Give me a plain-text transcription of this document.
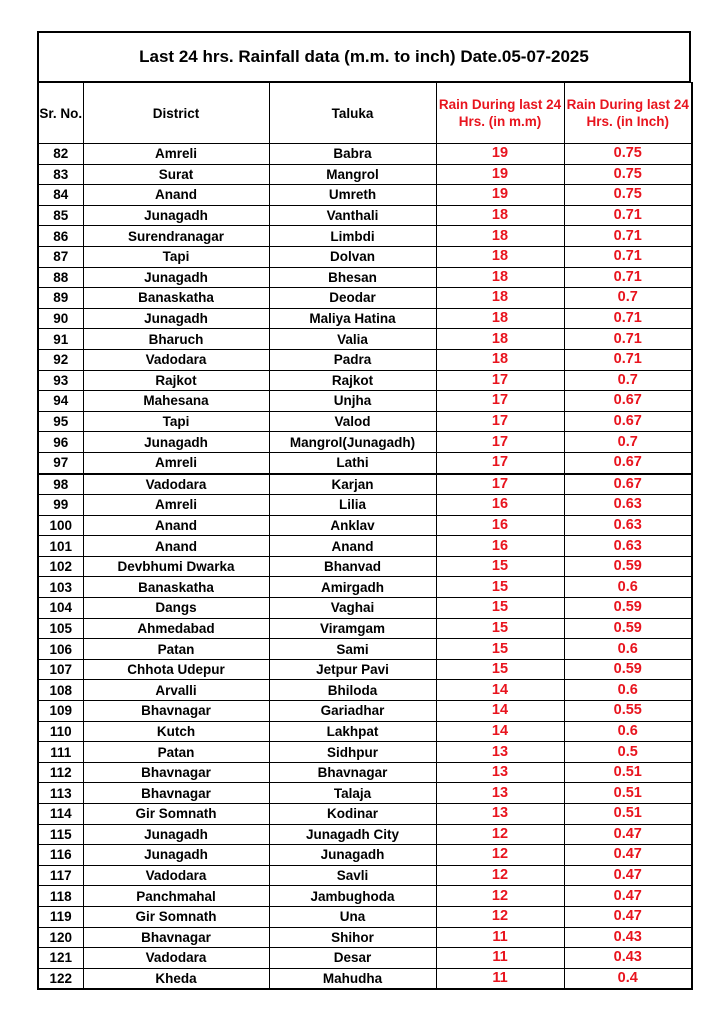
Last 24 hrs. Rainfall data (m.m. to inch) Date.05-07-2025
Sr. No.	District	Taluka	Rain During last 24 Hrs. (in m.m)	Rain During last 24 Hrs. (in Inch)
82	Amreli	Babra	19	0.75
83	Surat	Mangrol	19	0.75
84	Anand	Umreth	19	0.75
85	Junagadh	Vanthali	18	0.71
86	Surendranagar	Limbdi	18	0.71
87	Tapi	Dolvan	18	0.71
88	Junagadh	Bhesan	18	0.71
89	Banaskatha	Deodar	18	0.7
90	Junagadh	Maliya Hatina	18	0.71
91	Bharuch	Valia	18	0.71
92	Vadodara	Padra	18	0.71
93	Rajkot	Rajkot	17	0.7
94	Mahesana	Unjha	17	0.67
95	Tapi	Valod	17	0.67
96	Junagadh	Mangrol(Junagadh)	17	0.7
97	Amreli	Lathi	17	0.67
98	Vadodara	Karjan	17	0.67
99	Amreli	Lilia	16	0.63
100	Anand	Anklav	16	0.63
101	Anand	Anand	16	0.63
102	Devbhumi Dwarka	Bhanvad	15	0.59
103	Banaskatha	Amirgadh	15	0.6
104	Dangs	Vaghai	15	0.59
105	Ahmedabad	Viramgam	15	0.59
106	Patan	Sami	15	0.6
107	Chhota Udepur	Jetpur Pavi	15	0.59
108	Arvalli	Bhiloda	14	0.6
109	Bhavnagar	Gariadhar	14	0.55
110	Kutch	Lakhpat	14	0.6
111	Patan	Sidhpur	13	0.5
112	Bhavnagar	Bhavnagar	13	0.51
113	Bhavnagar	Talaja	13	0.51
114	Gir Somnath	Kodinar	13	0.51
115	Junagadh	Junagadh City	12	0.47
116	Junagadh	Junagadh	12	0.47
117	Vadodara	Savli	12	0.47
118	Panchmahal	Jambughoda	12	0.47
119	Gir Somnath	Una	12	0.47
120	Bhavnagar	Shihor	11	0.43
121	Vadodara	Desar	11	0.43
122	Kheda	Mahudha	11	0.4
